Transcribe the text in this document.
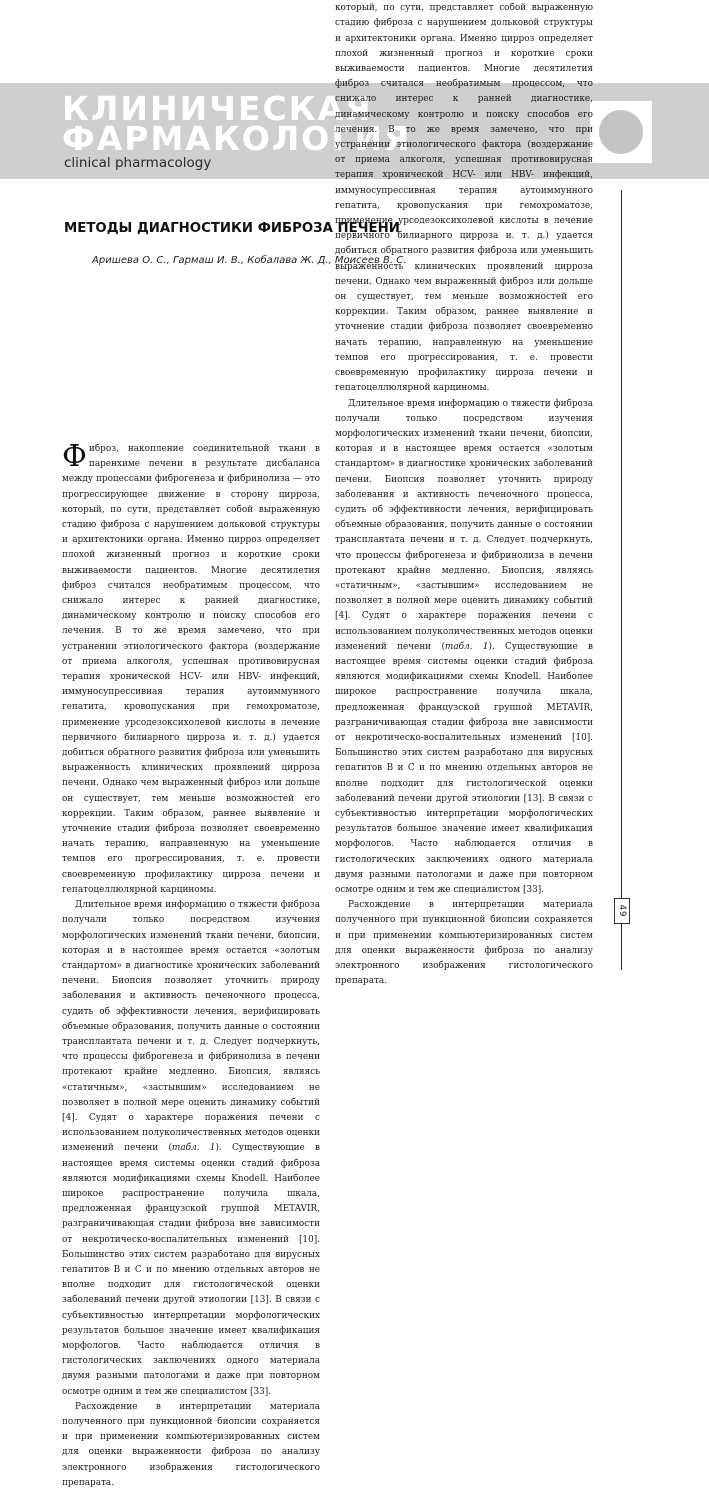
КЛИНИЧЕСКАЯ
ФАРМАКОЛОГИЯ
clinical pharmacology
МЕТОДЫ ДИАГНОСТИКИ ФИБРОЗА ПЕЧЕНИ
Аришева О. С., Гармаш И. В., Кобалава Ж. Д., Моисеев В. С.

Фиброз, накопление соединительной ткани в паренхиме печени в результате дисбаланса между процессами фиброгенеза и фибринолиза — это прогрессирующее движение в сторону цирроза, который, по сути, представляет собой выраженную стадию фиброза с нарушением дольковой структуры и архитектоники органа. Именно цирроз определяет плохой жизненный прогноз и короткие сроки выживаемости пациентов. Многие десятилетия фиброз считался необратимым процессом, что снижало интерес к ранней диагностике, динамическому контролю и поиску способов его лечения. В то же время замечено, что при устранении этиологического фактора (воздержание от приема алкоголя, успешная противовирусная терапия хронической HCV- или HBV- инфекций, иммуносупрессивная терапия аутоиммунного гепатита, кровопускания при гемохроматозе, применение урсодезоксихолевой кислоты в лечение первичного билиарного цирроза и. т. д.) удается добиться обратного развития фиброза или уменьшить выраженность клинических проявлений цирроза печени. Однако чем выраженный фиброз или дольше он существует, тем меньше возможностей его коррекции. Таким образом, раннее выявление и уточнение стадии фиброза позволяет своевременно начать терапию, направленную на уменьшение темпов его прогрессирования, т. е. провести своевременную профилактику цирроза печени и гепатоцеллюлярной карциномы.

Длительное время информацию о тяжести фиброза получали только посредством изучения морфологических изменений ткани печени, биопсии, которая и в настоящее время остается «золотым стандартом» в диагностике хронических заболеваний печени. Биопсия позволяет уточнить природу заболевания и активность печеночного процесса, судить об эффективности лечения, верифицировать объемные образования, получить данные о состоянии трансплантата печени и т. д. Следует подчеркнуть, что процессы фиброгенеза и фибринолиза в печени протекают крайне медленно. Биопсия, являясь «статичным», «застывшим» исследованием не позволяет в полной мере оценить динамику событий [4]. Судят о характере поражения печени с использованием полуколичественных методов оценки изменений печени (табл. 1). Существующие в настоящее время системы оценки стадий фиброза являются модификациями схемы Knodell. Наиболее широкое распространение получила шкала, предложенная французской группой METAVIR, разграничивающая стадии фиброза вне зависимости от некротическо-воспалительных изменений [10]. Большинство этих систем разработано для вирусных гепатитов B и C и по мнению отдельных авторов не вполне подходит для гистологической оценки заболеваний печени другой этиологии [13]. В связи с субъективностью интерпретации морфологических результатов большое значение имеет квалификация морфологов. Часто наблюдается отличия в гистологических заключениях одного материала двумя разными патологами и даже при повторном осмотре одним и тем же специалистом [33].

Расхождение в интерпретации материала полученного при пункционной биопсии сохраняется и при применении компьютеризированных систем для оценки выраженности фиброза по анализу электронного изображения гистологического препарата.

который, по сути, представляет собой выраженную стадию фиброза с нарушением дольковой структуры и архитектоники органа. Именно цирроз определяет плохой жизненный прогноз и короткие сроки выживаемости пациентов. Многие десятилетия фиброз считался необратимым процессом, что снижало интерес к ранней диагностике, динамическому контролю и поиску способов его лечения. В то же время замечено, что при устранении этиологического фактора (воздержание от приема алкоголя, успешная противовирусная терапия хронической HCV- или HBV- инфекций, иммуносупрессивная терапия аутоиммунного гепатита, кровопускания при гемохроматозе, применение урсодезоксихолевой кислоты в лечение первичного билиарного цирроза и. т. д.) удается добиться обратного развития фиброза или уменьшить выраженность клинических проявлений цирроза печени. Однако чем выраженный фиброз или дольше он существует, тем меньше возможностей его коррекции. Таким образом, раннее выявление и уточнение стадии фиброза позволяет своевременно начать терапию, направленную на уменьшение темпов его прогрессирования, т. е. провести своевременную профилактику цирроза печени и гепатоцеллюлярной карциномы.

Длительное время информацию о тяжести фиброза получали только посредством изучения морфологических изменений ткани печени, биопсии, которая и в настоящее время остается «золотым стандартом» в диагностике хронических заболеваний печени. Биопсия позволяет уточнить природу заболевания и активность печеночного процесса, судить об эффективности лечения, верифицировать объемные образования, получить данные о состоянии трансплантата печени и т. д. Следует подчеркнуть, что процессы фиброгенеза и фибринолиза в печени протекают крайне медленно. Биопсия, являясь «статичным», «застывшим» исследованием не позволяет в полной мере оценить динамику событий [4]. Судят о характере поражения печени с использованием полуколичественных методов оценки изменений печени (табл. 1). Существующие в настоящее время системы оценки стадий фиброза являются модификациями схемы Knodell. Наиболее широкое распространение получила шкала, предложенная французской группой METAVIR, разграничивающая стадии фиброза вне зависимости от некротическо-воспалительных изменений [10]. Большинство этих систем разработано для вирусных гепатитов B и C и по мнению отдельных авторов не вполне подходит для гистологической оценки заболеваний печени другой этиологии [13]. В связи с субъективностью интерпретации морфологических результатов большое значение имеет квалификация морфологов. Часто наблюдается отличия в гистологических заключениях одного материала двумя разными патологами и даже при повторном осмотре одним и тем же специалистом [33].

Расхождение в интерпретации материала полученного при пункционной биопсии сохраняется и при применении компьютеризированных систем для оценки выраженности фиброза по анализу электронного изображения гистологического препарата.

49
